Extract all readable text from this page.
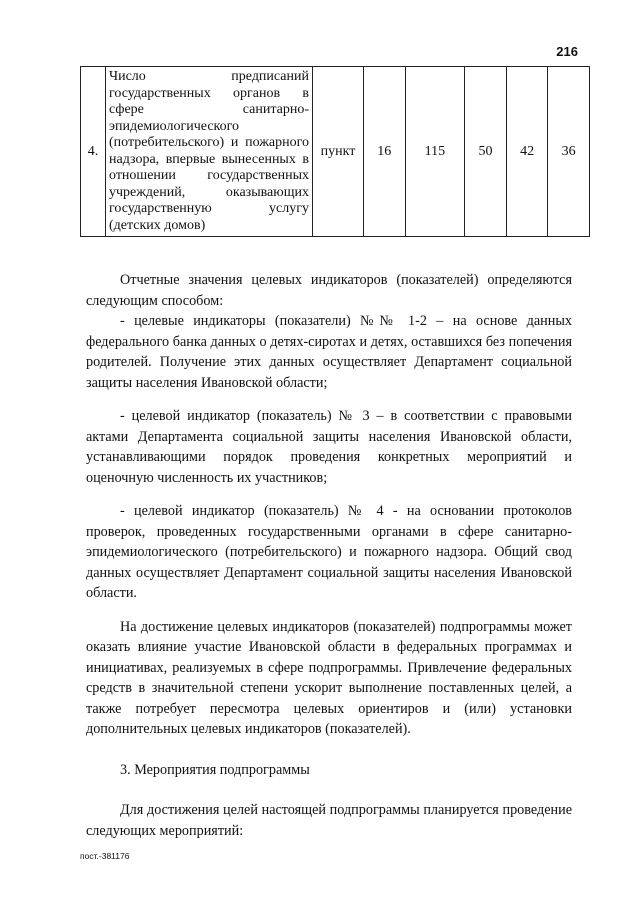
216
4.	Число предписаний государственных органов в сфере санитарно-эпидемиологического (потребительского) и пожарного надзора, впервые вынесенных в отношении государственных учреждений, оказывающих государственную услугу (детских домов)	пункт	16	115	50	42	36

Отчетные значения целевых индикаторов (показателей) определяются следующим способом:

- целевые индикаторы (показатели) №№ 1-2 – на основе данных федерального банка данных о детях-сиротах и детях, оставшихся без попечения родителей. Получение этих данных осуществляет Департамент социальной защиты населения Ивановской области;

- целевой индикатор (показатель) № 3 – в соответствии с правовыми актами Департамента социальной защиты населения Ивановской области, устанавливающими порядок проведения конкретных мероприятий и оценочную численность их участников;

- целевой индикатор (показатель) № 4 - на основании протоколов проверок, проведенных государственными органами в сфере санитарно-эпидемиологического (потребительского) и пожарного надзора. Общий свод данных осуществляет Департамент социальной защиты населения Ивановской области.

На достижение целевых индикаторов (показателей) подпрограммы может оказать влияние участие Ивановской области в федеральных программах и инициативах, реализуемых в сфере подпрограммы. Привлечение федеральных средств в значительной степени ускорит выполнение поставленных целей, а также потребует пересмотра целевых ориентиров и (или) установки дополнительных целевых индикаторов (показателей).

3. Мероприятия подпрограммы

Для достижения целей настоящей подпрограммы планируется проведение следующих мероприятий:

пост.-381176
